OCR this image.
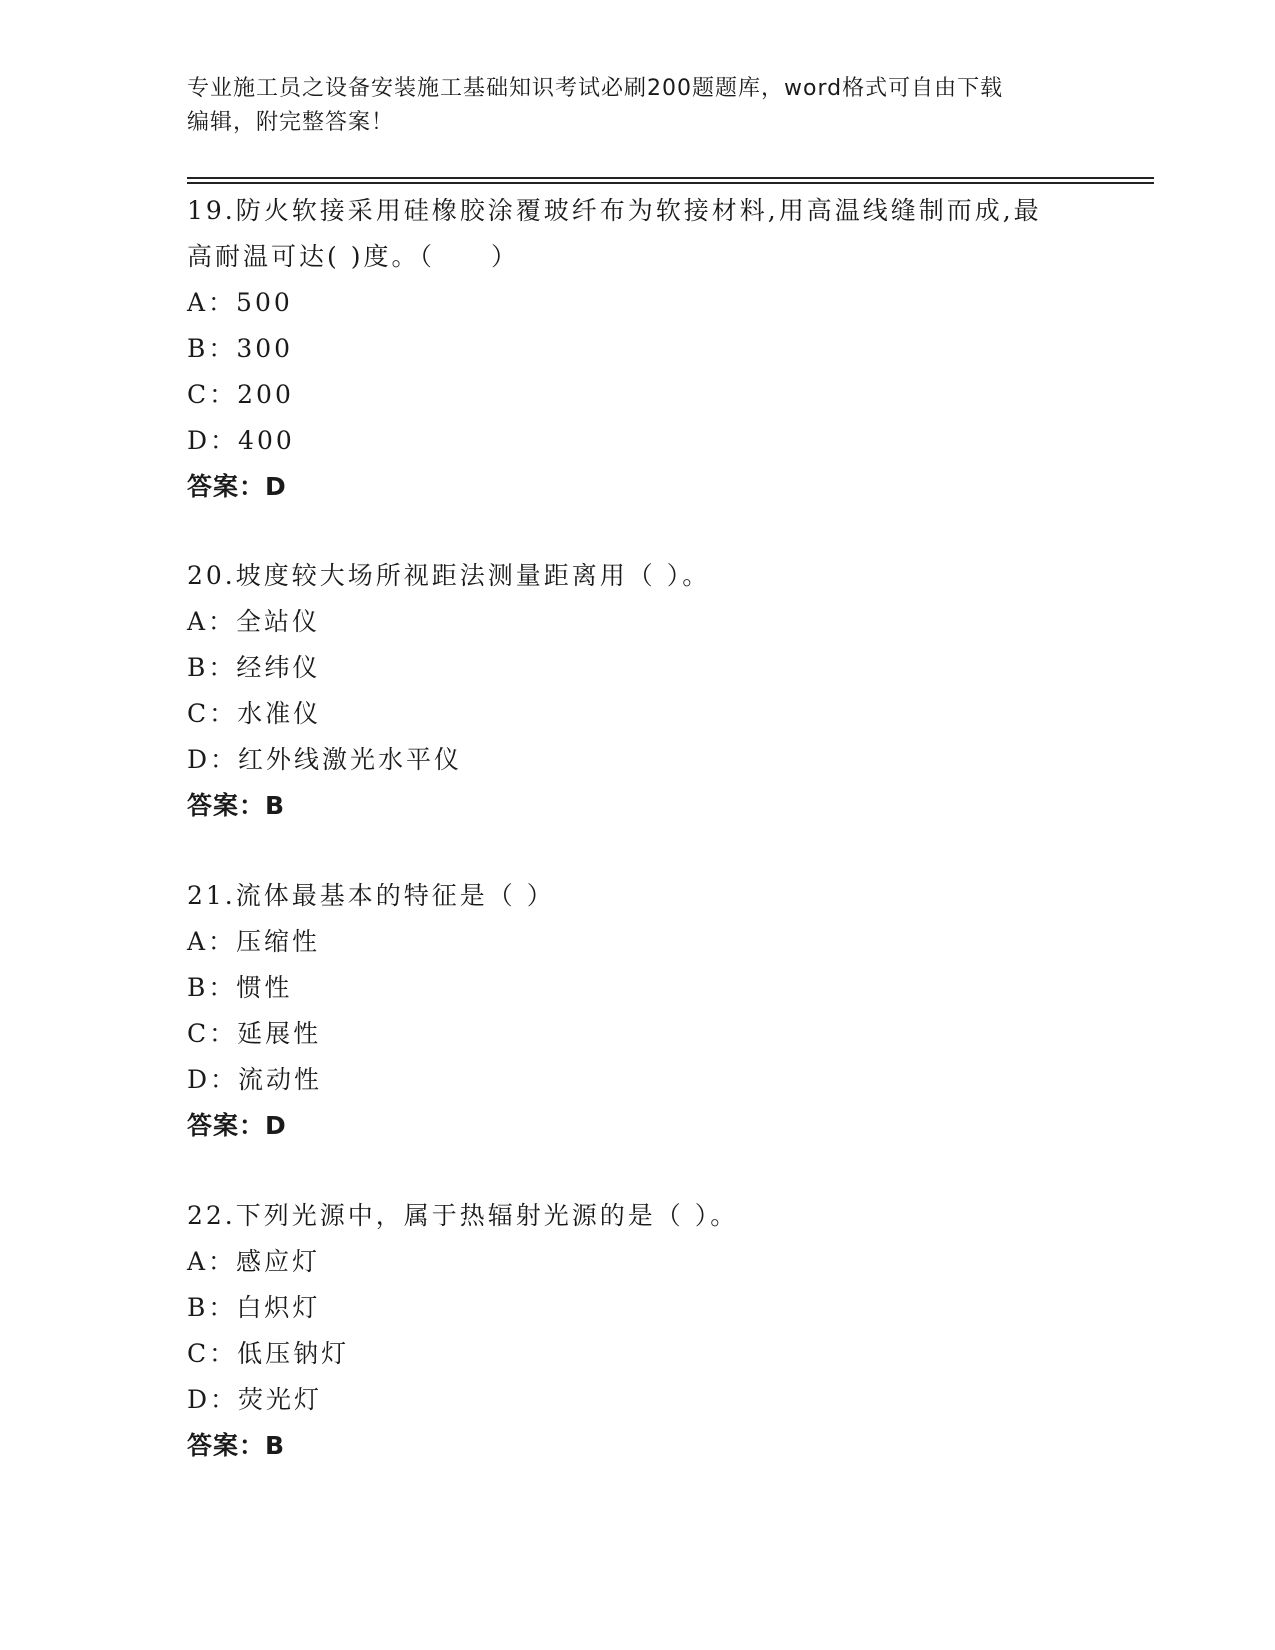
专业施工员之设备安装施工基础知识考试必刷200题题库，word格式可自由下载
编辑，附完整答案！
19.防火软接采用硅橡胶涂覆玻纤布为软接材料,用高温线缝制而成,最
高耐温可达( )度。（　　）
A：500
B：300
C：200
D：400
答案：D
20.坡度较大场所视距法测量距离用（ ）。
A：全站仪
B：经纬仪
C：水准仪
D：红外线激光水平仪
答案：B
21.流体最基本的特征是（ ）
A：压缩性
B：惯性
C：延展性
D：流动性
答案：D
22.下列光源中，属于热辐射光源的是（ ）。
A：感应灯
B：白炽灯
C：低压钠灯
D：荧光灯
答案：B
